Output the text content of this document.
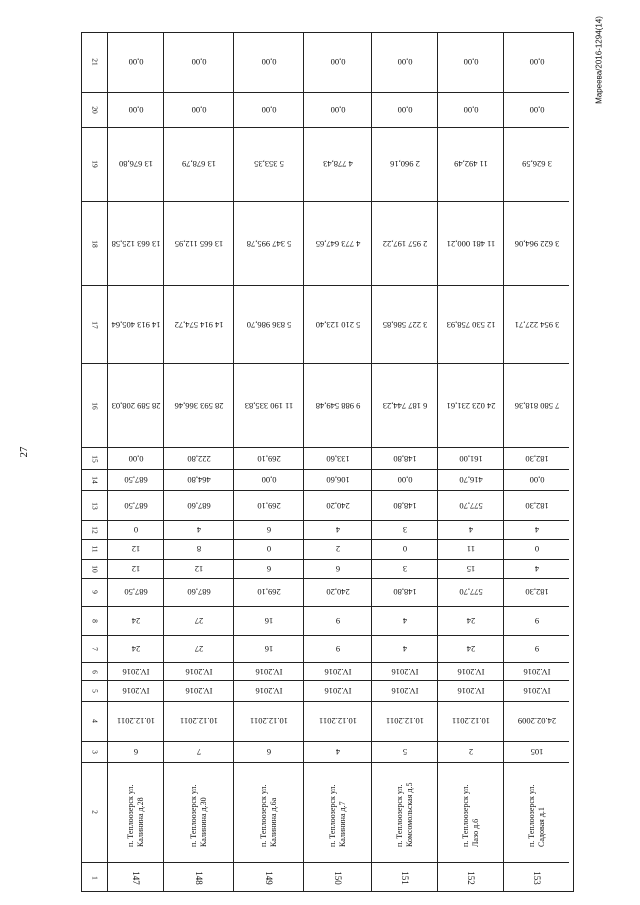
27
Mареева/2016-1294(14)
21
20
19
18
17
16
15
14
13
12
11
10
9
8
7
6
5
4
3
2
1
0,00
0,00
13 676,80
13 663 125,58
14 913 405,64
28 589 208,03
0,00
687,50
687,50
0
12
12
687,50
24
24
IV.2016
IV.2016
10.12.2011
6
п. Теплоозерск ул. Калинина д.28
147
0,00
0,00
13 678,79
13 665 112,95
14 914 574,72
28 593 366,46
222,80
464,80
687,60
4
8
12
687,60
27
27
IV.2016
IV.2016
10.12.2011
7
п. Теплоозерск ул. Калинина д.30
148
0,00
0,00
5 353,35
5 347 995,78
5 836 986,70
11 190 335,83
269,10
0,00
269,10
6
0
6
269,10
16
16
IV.2016
IV.2016
10.12.2011
6
п. Теплоозерск ул. Калинина д.6а
149
0,00
0,00
4 778,43
4 773 647,65
5 210 123,40
9 988 549,48
133,60
106,60
240,20
4
2
6
240,20
9
9
IV.2016
IV.2016
10.12.2011
4
п. Теплоозерск ул. Калинина д.7
150
0,00
0,00
2 960,16
2 957 197,22
3 227 586,85
6 187 744,23
148,80
0,00
148,80
3
0
3
148,80
4
4
IV.2016
IV.2016
10.12.2011
5
п. Теплоозерск ул. Комсомольская д.5
151
0,00
0,00
11 492,49
11 481 000,21
12 530 758,93
24 023 231,61
161,00
416,70
577,70
4
11
15
577,70
24
24
IV.2016
IV.2016
10.12.2011
2
п. Теплоозерск ул. Лазо д.6
152
0,00
0,00
3 626,59
3 622 964,06
3 954 227,71
7 580 818,36
182,30
0,00
182,30
4
0
4
182,30
9
9
IV.2016
IV.2016
24.02.2009
105
п. Теплоозерск ул. Садовая д.1
153
